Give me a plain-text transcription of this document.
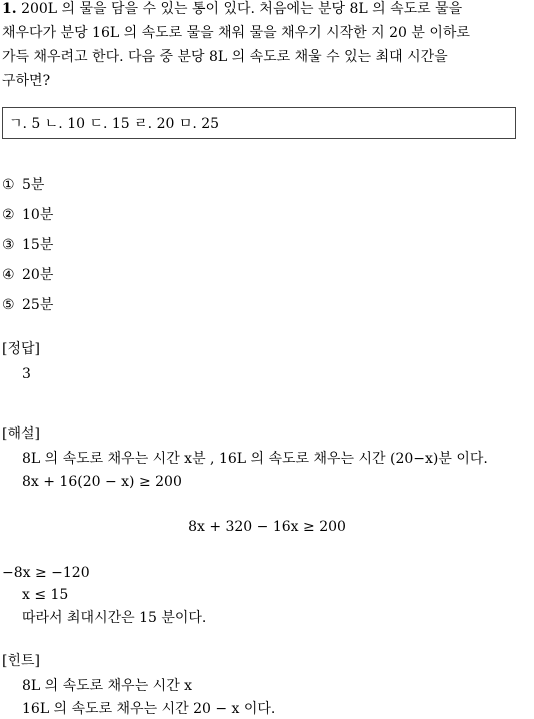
1. 200L 의 물을 담을 수 있는 통이 있다. 처음에는 분당 8L 의 속도로 물을
채우다가 분당 16L 의 속도로 물을 채워 물을 채우기 시작한 지 20 분 이하로
가득 채우려고 한다. 다음 중 분당 8L 의 속도로 채울 수 있는 최대 시간을
구하면?
ㄱ. 5 ㄴ. 10 ㄷ. 15 ㄹ. 20 ㅁ. 25
① 5분
② 10분
③ 15분
④ 20분
⑤ 25분
[정답]
3
[해설]
8L 의 속도로 채우는 시간 x분 , 16L 의 속도로 채우는 시간 (20−x)분 이다.
8x + 16(20 − x) ≥ 200
8x + 320 − 16x ≥ 200
−8x ≥ −120
x ≤ 15
따라서 최대시간은 15 분이다.
[힌트]
8L 의 속도로 채우는 시간 x
16L 의 속도로 채우는 시간 20 − x 이다.
